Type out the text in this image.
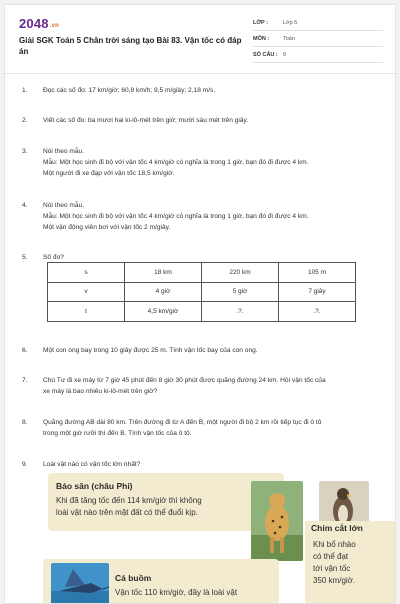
2048.vn
Giải SGK Toán 5 Chân trời sáng tạo Bài 83. Vận tốc có đáp án
LỚP :	Lớp 5
MÔN :	Toán
SỐ CÂU : 9
1.	Đọc các số đo: 17 km/giờ; 60,8 km/h; 9,5 m/giây; 2,18 m/s.
2.	Viết các số đo: ba mươi hai ki-lô-mét trên giờ; mười sáu mét trên giây.
3.	Nói theo mẫu.
Mẫu: Một học sinh đi bộ với vận tốc 4 km/giờ có nghĩa là trong 1 giờ, bạn đó đi được 4 km.
Một người đi xe đạp với vận tốc 18,5 km/giờ.
4.	Nói theo mẫu.
Mẫu: Một học sinh đi bộ với vận tốc 4 km/giờ có nghĩa là trong 1 giờ, bạn đó đi được 4 km.
Một vận động viên bơi với vận tốc 2 m/giây.
5.	Số đo?
s	18 km	220 km	105 m
v	4 giờ	5 giờ	7 giây
t	4,5 km/giờ	.?.	.?.
6.	Một con ong bay trong 10 giây được 25 m. Tính vận tốc bay của con ong.
7.	Chú Tư đi xe máy từ 7 giờ 45 phút đến 8 giờ 30 phút được quãng đường 24 km. Hỏi vận tốc của
xe máy là bao nhiêu ki-lô-mét trên giờ?
8.	Quãng đường AB dài 80 km. Trên đường đi từ A đến B, một người đi bộ 2 km rồi tiếp tục đi ô tô
trong một giờ rưỡi thì đến B. Tính vận tốc của ô tô.
9.	Loài vật nào có vận tốc lớn nhất?
Báo săn (châu Phi)
Khi đã tăng tốc đến 114 km/giờ thì không
loài vật nào trên mặt đất có thể đuổi kịp.
Chim cắt lớn
Khi bổ nhào
có thể đạt
tới vận tốc
350 km/giờ.
Cá buồm
Vận tốc 110 km/giờ, đây là loài vật
